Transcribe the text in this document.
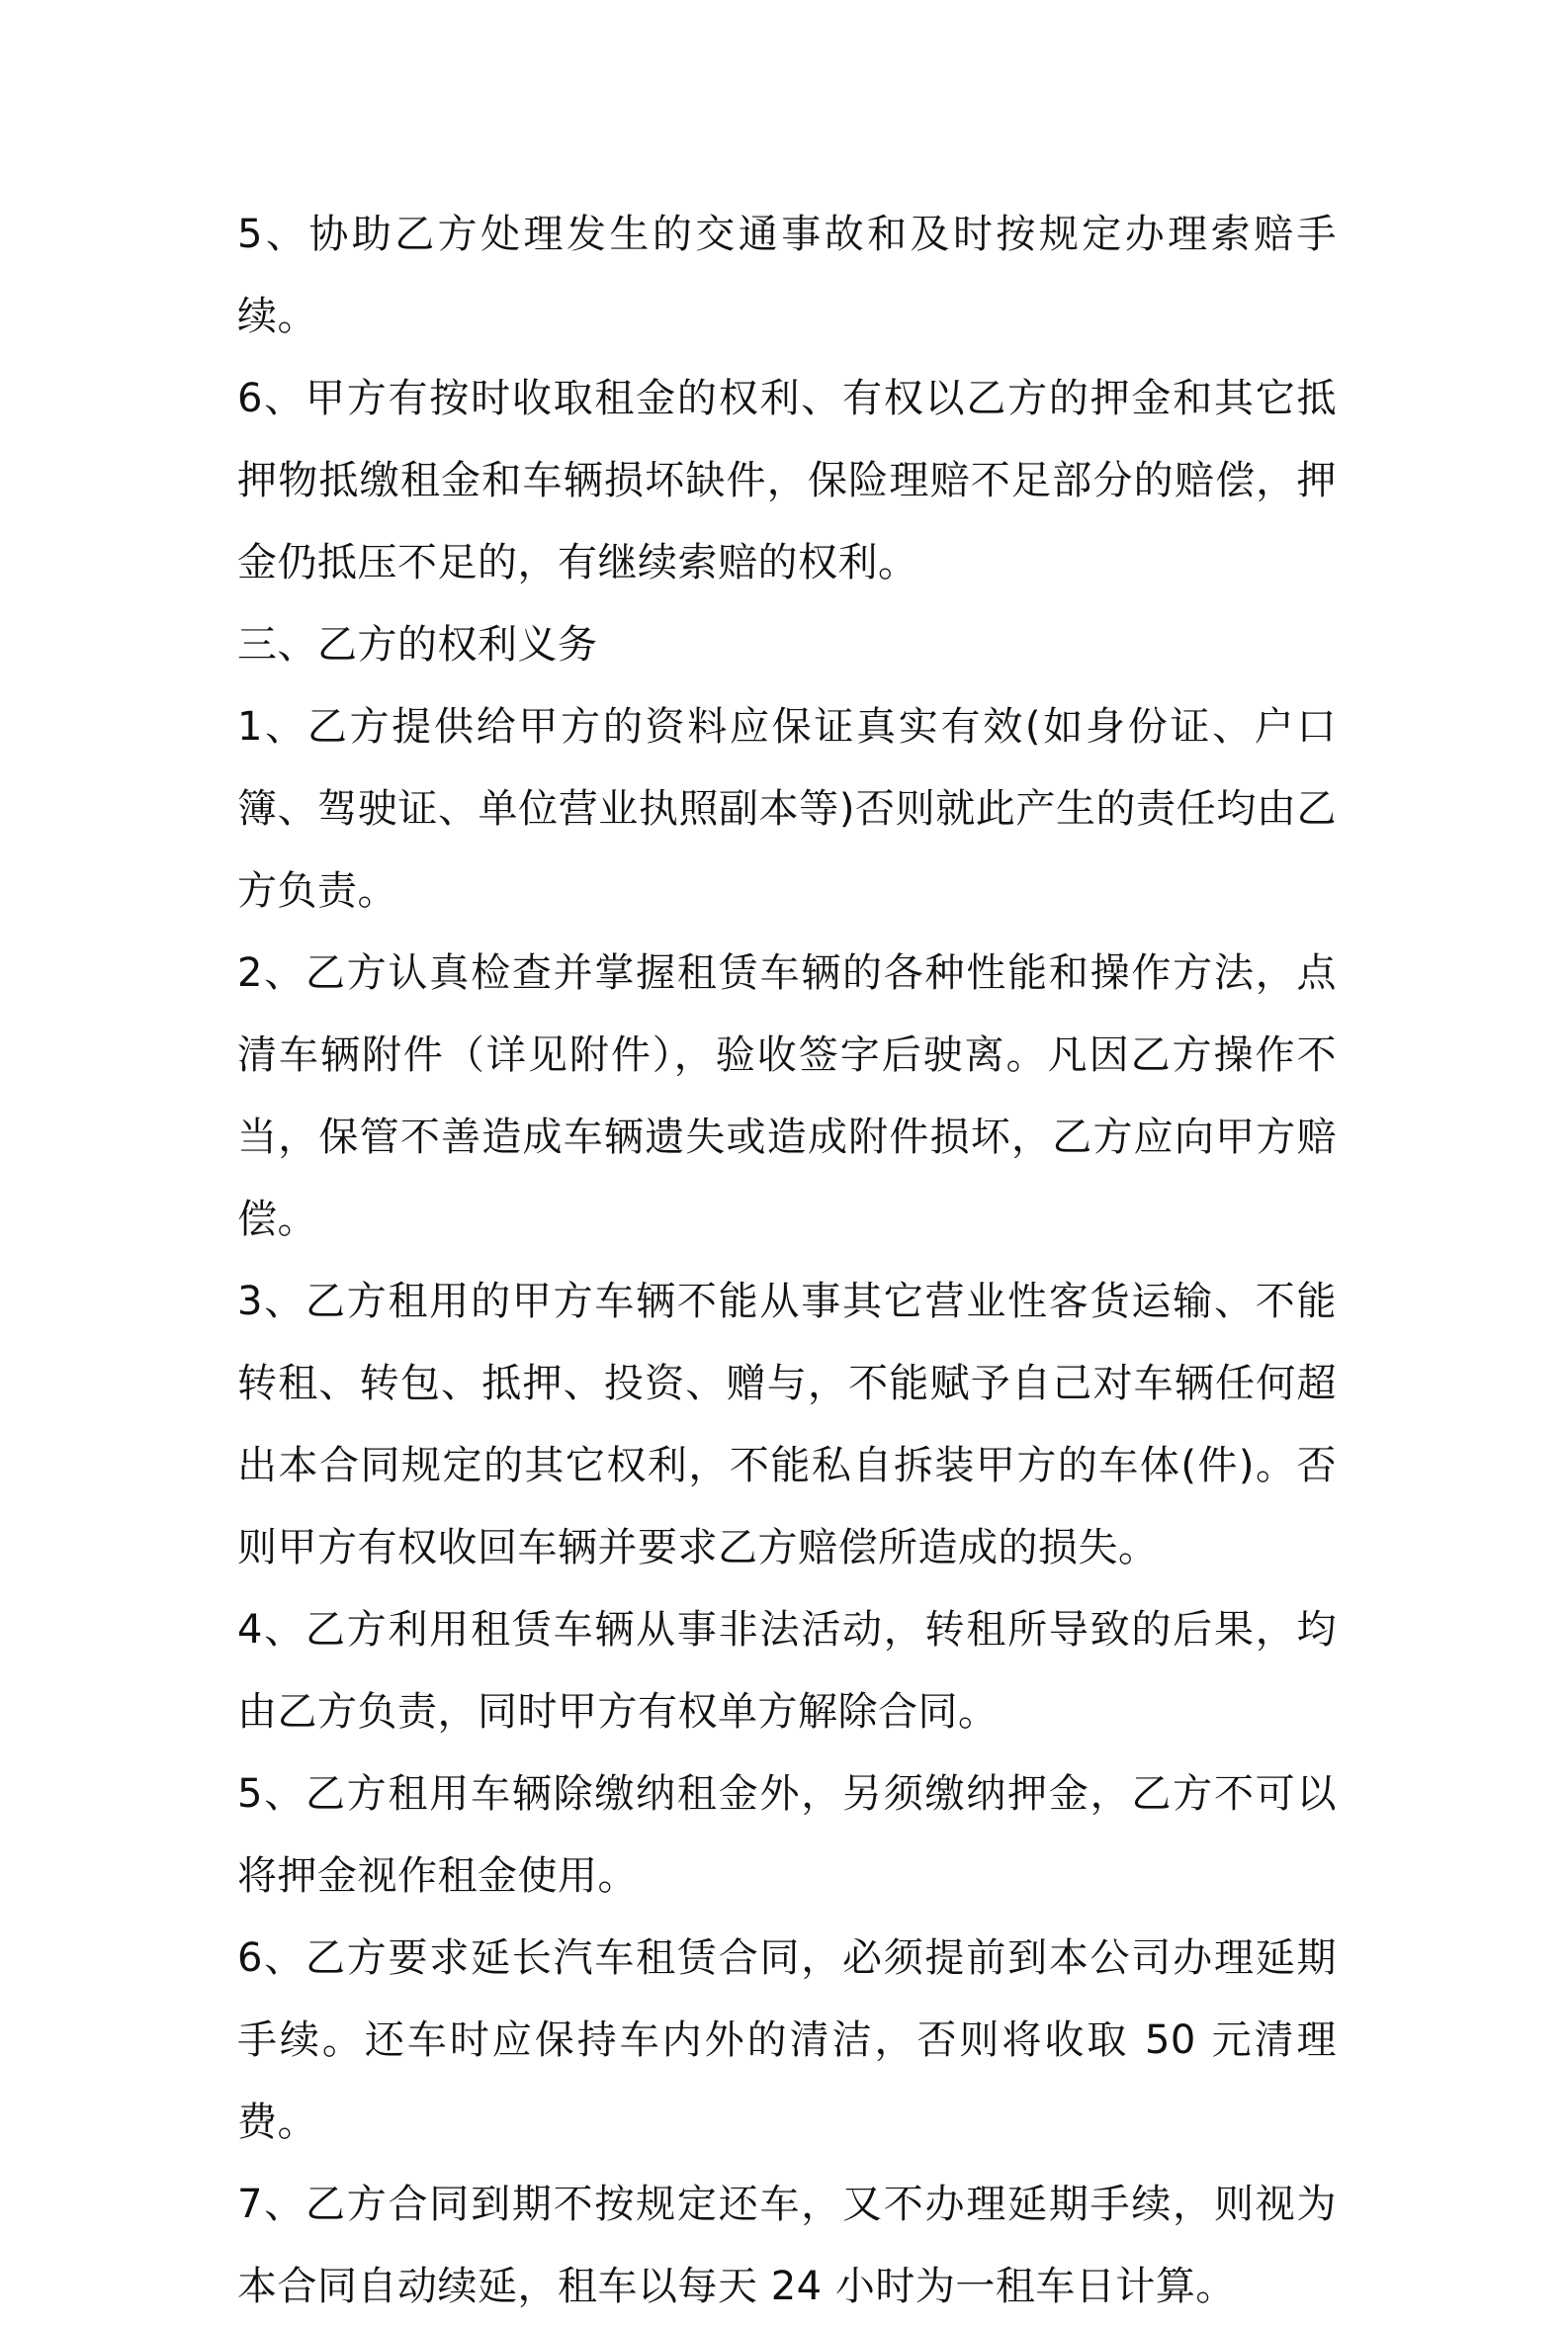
5、协助乙方处理发生的交通事故和及时按规定办理索赔手续。

6、甲方有按时收取租金的权利、有权以乙方的押金和其它抵押物抵缴租金和车辆损坏缺件，保险理赔不足部分的赔偿，押金仍抵压不足的，有继续索赔的权利。

三、乙方的权利义务

1、乙方提供给甲方的资料应保证真实有效(如身份证、户口簿、驾驶证、单位营业执照副本等)否则就此产生的责任均由乙方负责。

2、乙方认真检查并掌握租赁车辆的各种性能和操作方法，点清车辆附件（详见附件），验收签字后驶离。凡因乙方操作不当，保管不善造成车辆遗失或造成附件损坏，乙方应向甲方赔偿。

3、乙方租用的甲方车辆不能从事其它营业性客货运输、不能转租、转包、抵押、投资、赠与，不能赋予自己对车辆任何超出本合同规定的其它权利，不能私自拆装甲方的车体(件)。否则甲方有权收回车辆并要求乙方赔偿所造成的损失。

4、乙方利用租赁车辆从事非法活动，转租所导致的后果，均由乙方负责，同时甲方有权单方解除合同。

5、乙方租用车辆除缴纳租金外，另须缴纳押金，乙方不可以将押金视作租金使用。

6、乙方要求延长汽车租赁合同，必须提前到本公司办理延期手续。还车时应保持车内外的清洁，否则将收取 50 元清理费。

7、乙方合同到期不按规定还车，又不办理延期手续，则视为本合同自动续延，租车以每天 24 小时为一租车日计算。
